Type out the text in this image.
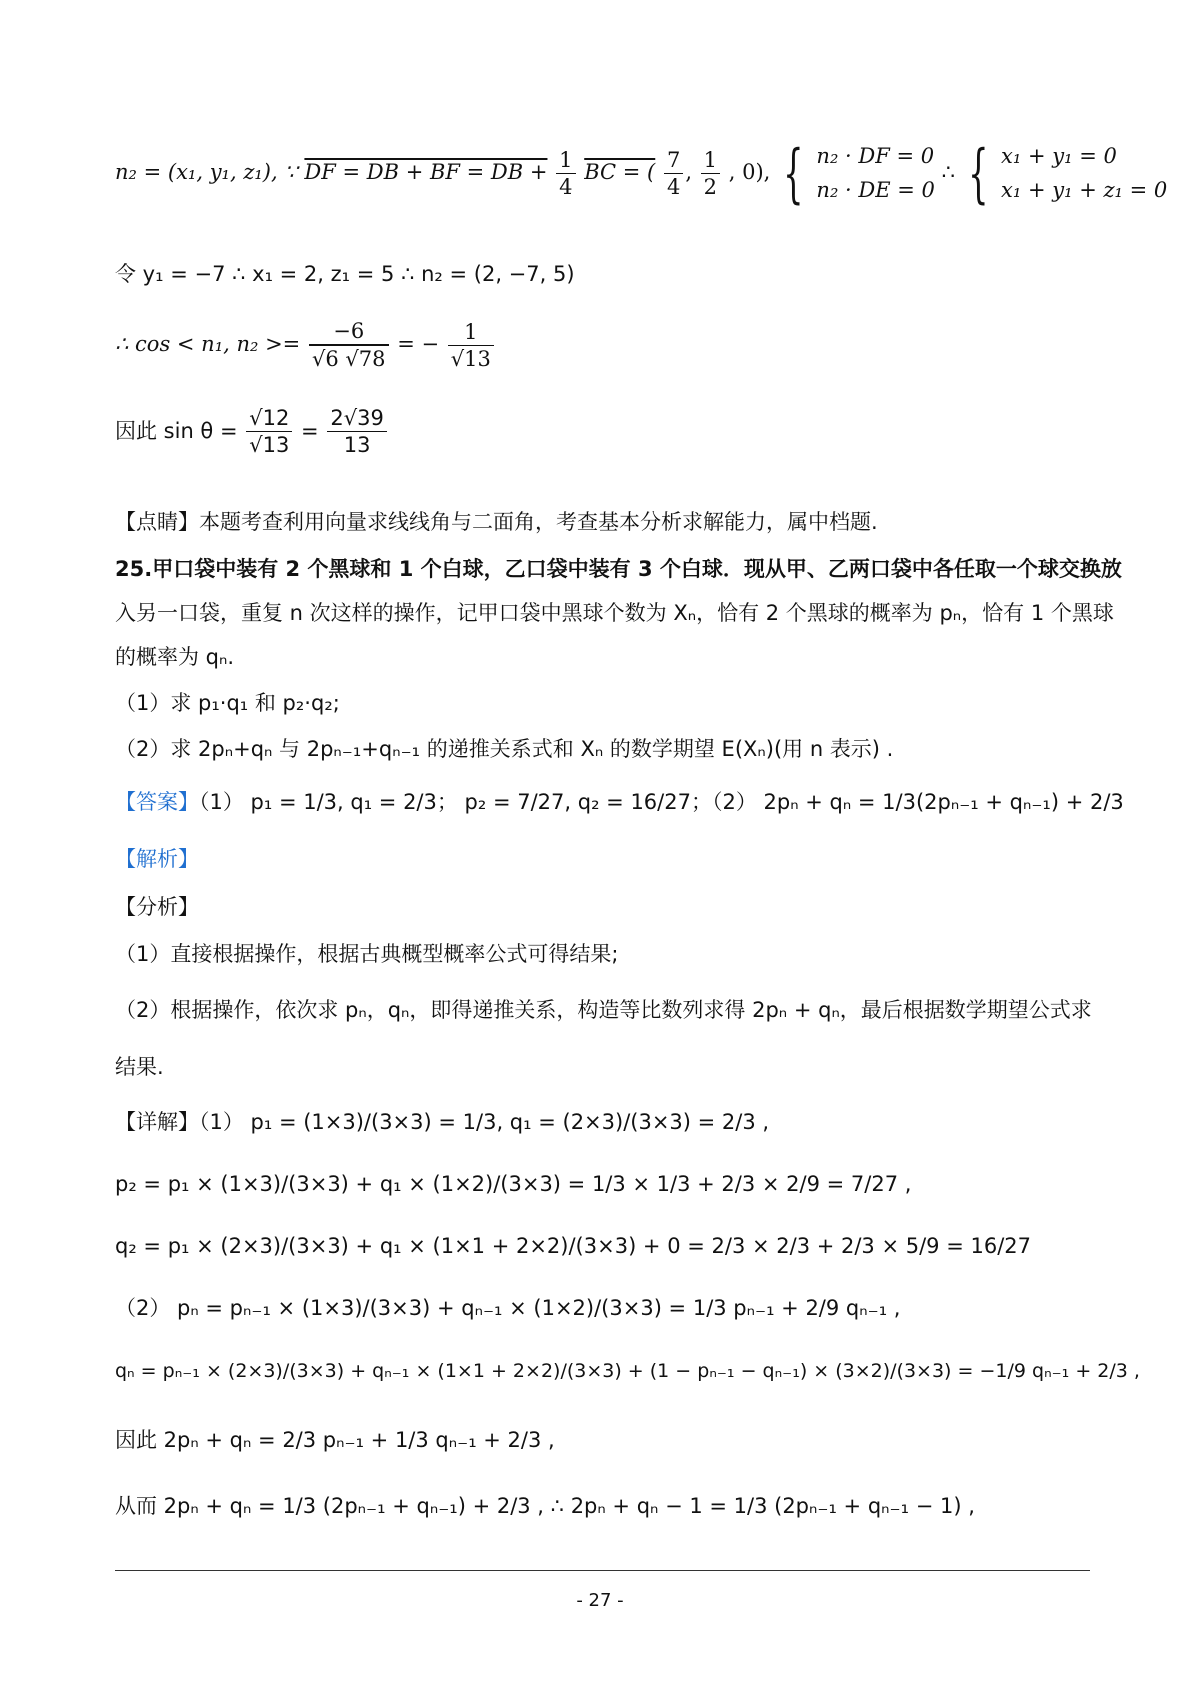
n₂ = (x₁, y₁, z₁), ∵ DF = DB + BF = DB + $\frac{1}{4}$ BC = ( $\frac{7}{4}$ , $\frac{1}{2}$ , 0), { n₂ · DF = 0
n₂ · DE = 0
∴ { x₁ + y₁ = 0
x₁ + y₁ + z₁ = 0
令 y₁ = −7 ∴ x₁ = 2, z₁ = 5 ∴ n₂ = (2, −7, 5)
∴ cos < n₁, $n_2 >= \frac{-6}{√6 √78}$ = − $\frac{1}{√13}$
因此 $\sin \theta = \frac{√12}{√13} = \frac{2√39}{13}$
【点睛】本题考查利用向量求线线角与二面角，考查基本分析求解能力，属中档题.
25.甲口袋中装有 2 个黑球和 1 个白球，乙口袋中装有 3 个白球．现从甲、乙两口袋中各任取一个球交换放
入另一口袋，重复 n 次这样的操作，记甲口袋中黑球个数为 Xₙ，恰有 2 个黑球的概率为 pₙ，恰有 1 个黑球
的概率为 qₙ.
（1）求 p₁·q₁ 和 p₂·q₂;
（2）求 2pₙ+qₙ 与 2pₙ₋₁+qₙ₋₁ 的递推关系式和 Xₙ 的数学期望 E(Xₙ)(用 n 表示) .
【答案】（1） p₁ = 1/3, q₁ = 2/3； p₂ = 7/27, q₂ = 16/27；（2） 2pₙ + qₙ = 1/3(2pₙ₋₁ + qₙ₋₁) + 2/3
【解析】
【分析】
（1）直接根据操作，根据古典概型概率公式可得结果;
（2）根据操作，依次求 pₙ，qₙ，即得递推关系，构造等比数列求得 2pₙ + qₙ，最后根据数学期望公式求
结果.
【详解】（1） p₁ = (1×3)/(3×3) = 1/3, q₁ = (2×3)/(3×3) = 2/3 ,
p₂ = p₁ × (1×3)/(3×3) + q₁ × (1×2)/(3×3) = 1/3 × 1/3 + 2/3 × 2/9 = 7/27 ,
q₂ = p₁ × (2×3)/(3×3) + q₁ × (1×1 + 2×2)/(3×3) + 0 = 2/3 × 2/3 + 2/3 × 5/9 = 16/27
（2） pₙ = pₙ₋₁ × (1×3)/(3×3) + qₙ₋₁ × (1×2)/(3×3) = 1/3 pₙ₋₁ + 2/9 qₙ₋₁ ,
qₙ = pₙ₋₁ × (2×3)/(3×3) + qₙ₋₁ × (1×1 + 2×2)/(3×3) + (1 − pₙ₋₁ − qₙ₋₁) × (3×2)/(3×3) = −1/9 qₙ₋₁ + 2/3 ,
因此 2pₙ + qₙ = 2/3 pₙ₋₁ + 1/3 qₙ₋₁ + 2/3 ,
从而 2pₙ + qₙ = 1/3 (2pₙ₋₁ + qₙ₋₁) + 2/3 , ∴ 2pₙ + qₙ − 1 = 1/3 (2pₙ₋₁ + qₙ₋₁ − 1) ,
- 27 -
